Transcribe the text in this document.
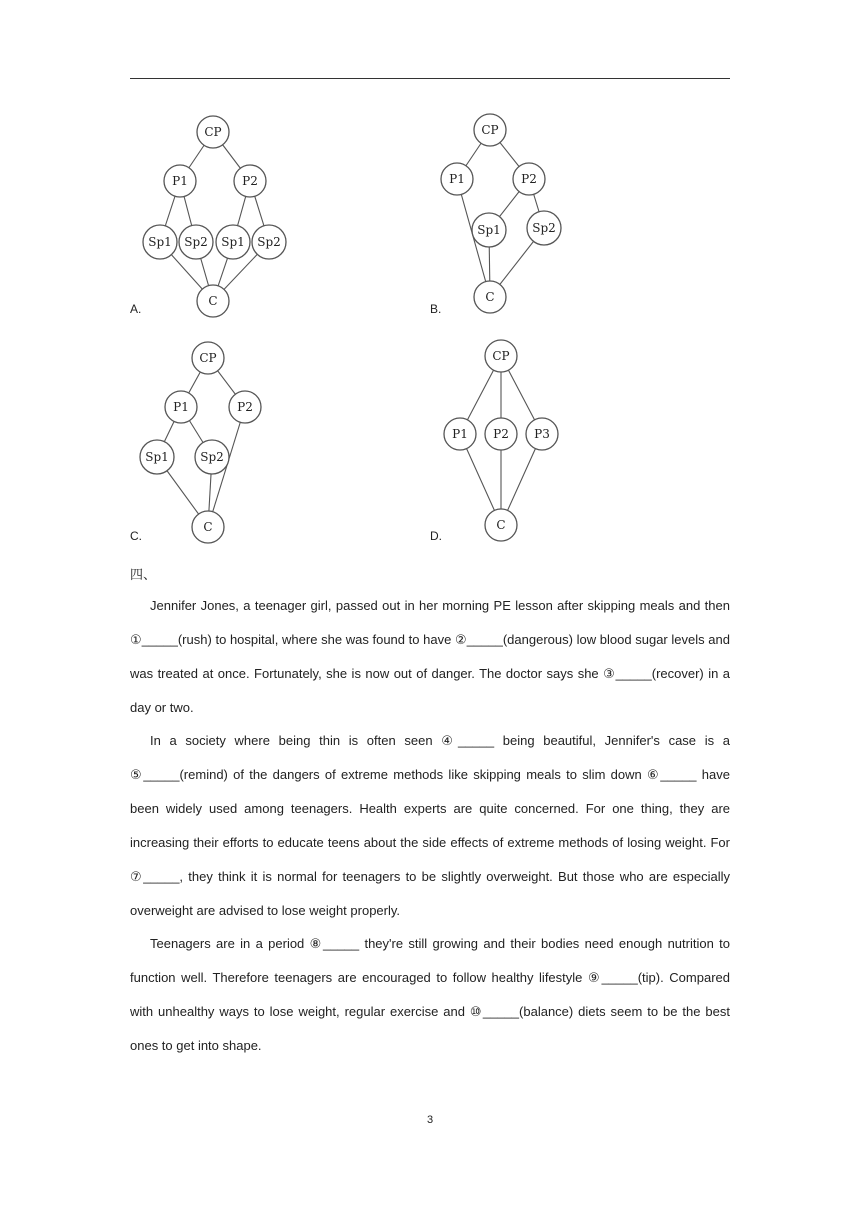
CP
P1	P2
Sp1 Sp2 Sp1 Sp2
C
A.
CP
P1	P2
Sp1	Sp2
C
B.
CP
P1	P2
Sp1	Sp2
C
C.
CP
P1 P2 P3
C
D.
四、

Jennifer Jones, a teenager girl, passed out in her morning PE lesson after skipping meals and then ①_____(rush) to hospital, where she was found to have ②_____(dangerous) low blood sugar levels and was treated at once. Fortunately, she is now out of danger. The doctor says she ③_____(recover) in a day or two.

In a society where being thin is often seen ④_____ being beautiful, Jennifer's case is a ⑤_____(remind) of the dangers of extreme methods like skipping meals to slim down ⑥_____ have been widely used among teenagers. Health experts are quite concerned. For one thing, they are increasing their efforts to educate teens about the side effects of extreme methods of losing weight. For ⑦_____, they think it is normal for teenagers to be slightly overweight. But those who are especially overweight are advised to lose weight properly.

Teenagers are in a period ⑧_____ they're still growing and their bodies need enough nutrition to function well. Therefore teenagers are encouraged to follow healthy lifestyle ⑨_____(tip). Compared with unhealthy ways to lose weight, regular exercise and ⑩_____(balance) diets seem to be the best ones to get into shape.

3
